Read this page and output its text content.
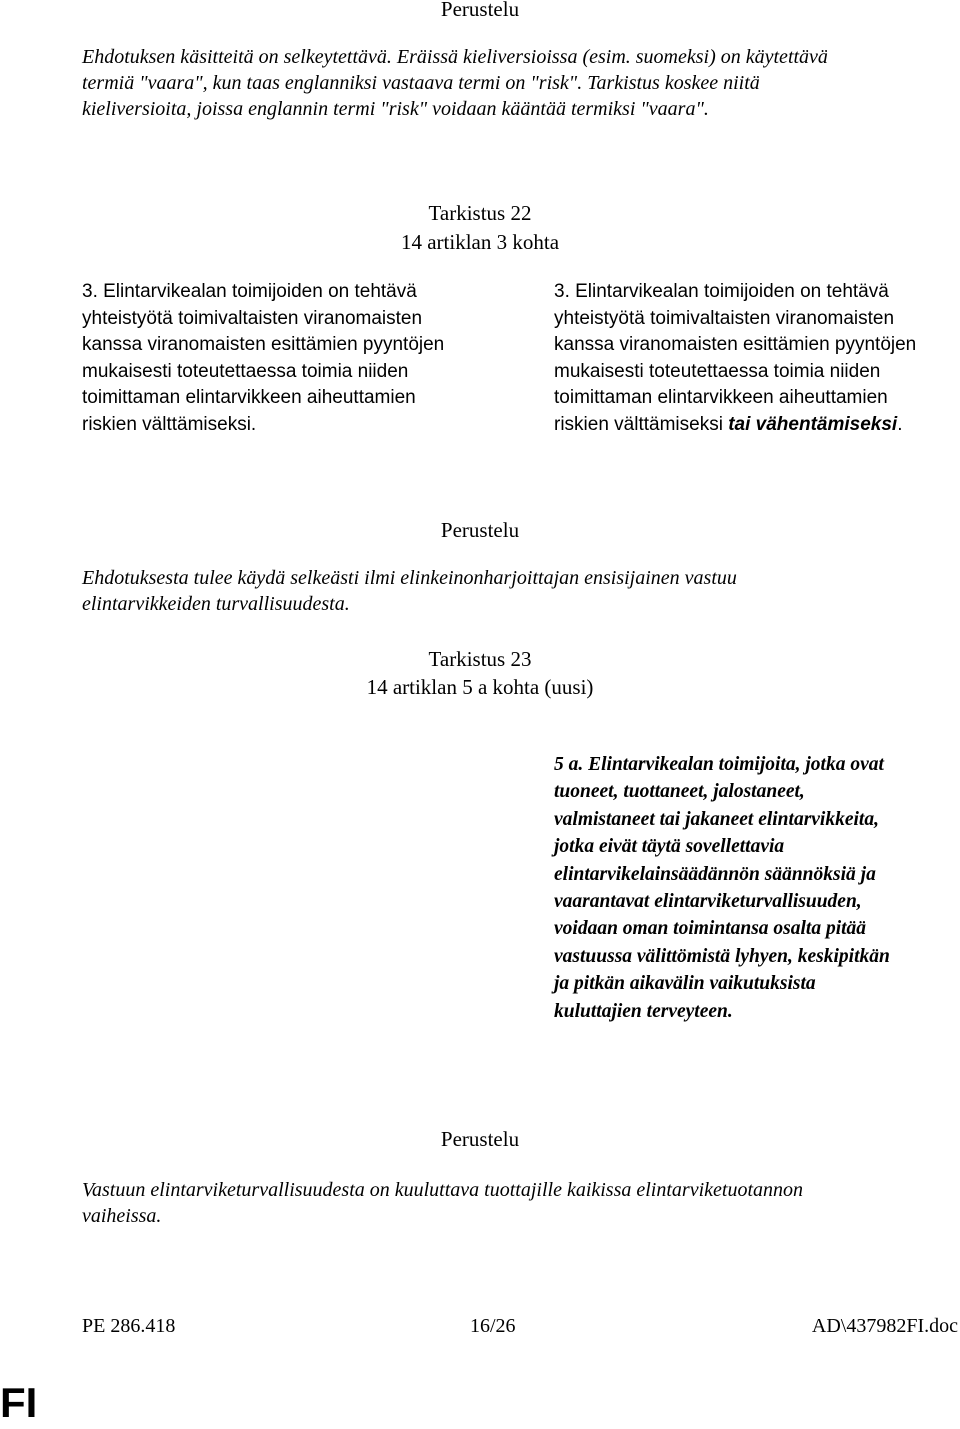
Perustelu
Ehdotuksen käsitteitä on selkeytettävä. Eräissä kieliversioissa (esim. suomeksi) on käytettävä
termiä "vaara", kun taas englanniksi vastaava termi on "risk". Tarkistus koskee niitä
kieliversioita, joissa englannin termi "risk" voidaan kääntää termiksi "vaara".
Tarkistus 22
14 artiklan 3 kohta
3. Elintarvikealan toimijoiden on tehtävä
yhteistyötä toimivaltaisten viranomaisten
kanssa viranomaisten esittämien pyyntöjen
mukaisesti toteutettaessa toimia niiden
toimittaman elintarvikkeen aiheuttamien
riskien välttämiseksi.
3. Elintarvikealan toimijoiden on tehtävä
yhteistyötä toimivaltaisten viranomaisten
kanssa viranomaisten esittämien pyyntöjen
mukaisesti toteutettaessa toimia niiden
toimittaman elintarvikkeen aiheuttamien
riskien välttämiseksi tai vähentämiseksi.
Perustelu
Ehdotuksesta tulee käydä selkeästi ilmi elinkeinonharjoittajan ensisijainen vastuu
elintarvikkeiden turvallisuudesta.
Tarkistus 23
14 artiklan 5 a kohta (uusi)
5 a. Elintarvikealan toimijoita, jotka ovat
tuoneet, tuottaneet, jalostaneet,
valmistaneet tai jakaneet elintarvikkeita,
jotka eivät täytä sovellettavia
elintarvikelainsäädännön säännöksiä ja
vaarantavat elintarviketurvallisuuden,
voidaan oman toimintansa osalta pitää
vastuussa välittömistä lyhyen, keskipitkän
ja pitkän aikavälin vaikutuksista
kuluttajien terveyteen.
Perustelu
Vastuun elintarviketurvallisuudesta on kuuluttava tuottajille kaikissa elintarviketuotannon
vaiheissa.
PE 286.418	16/26	AD\437982FI.doc
FI
